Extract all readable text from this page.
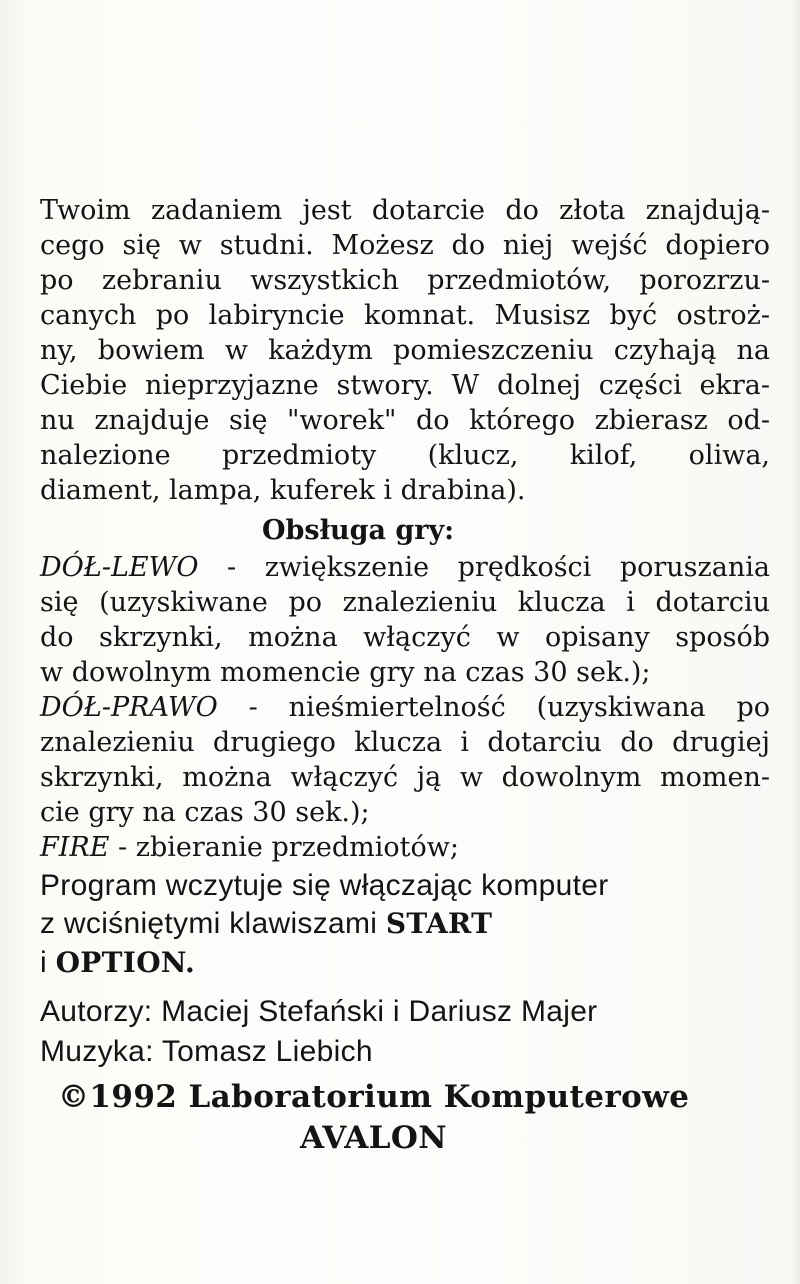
Twoim zadaniem jest dotarcie do złota znajdują-
cego się w studni. Możesz do niej wejść dopiero
po zebraniu wszystkich przedmiotów, porozrzu-
canych po labiryncie komnat. Musisz być ostroż-
ny, bowiem w każdym pomieszczeniu czyhają na
Ciebie nieprzyjazne stwory. W dolnej części ekra-
nu znajduje się "worek" do którego zbierasz od-
nalezione przedmioty (klucz, kilof, oliwa,
diament, lampa, kuferek i drabina).
Obsługa gry:
DÓŁ-LEWO - zwiększenie prędkości poruszania
się (uzyskiwane po znalezieniu klucza i dotarciu
do skrzynki, można włączyć w opisany sposób
w dowolnym momencie gry na czas 30 sek.);
DÓŁ-PRAWO - nieśmiertelność (uzyskiwana po
znalezieniu drugiego klucza i dotarciu do drugiej
skrzynki, można włączyć ją w dowolnym momen-
cie gry na czas 30 sek.);
FIRE - zbieranie przedmiotów;
Program wczytuje się włączając komputer
z wciśniętymi klawiszami START
i OPTION.
Autorzy: Maciej Stefański i Dariusz Majer
Muzyka: Tomasz Liebich
©1992 Laboratorium Komputerowe
AVALON
